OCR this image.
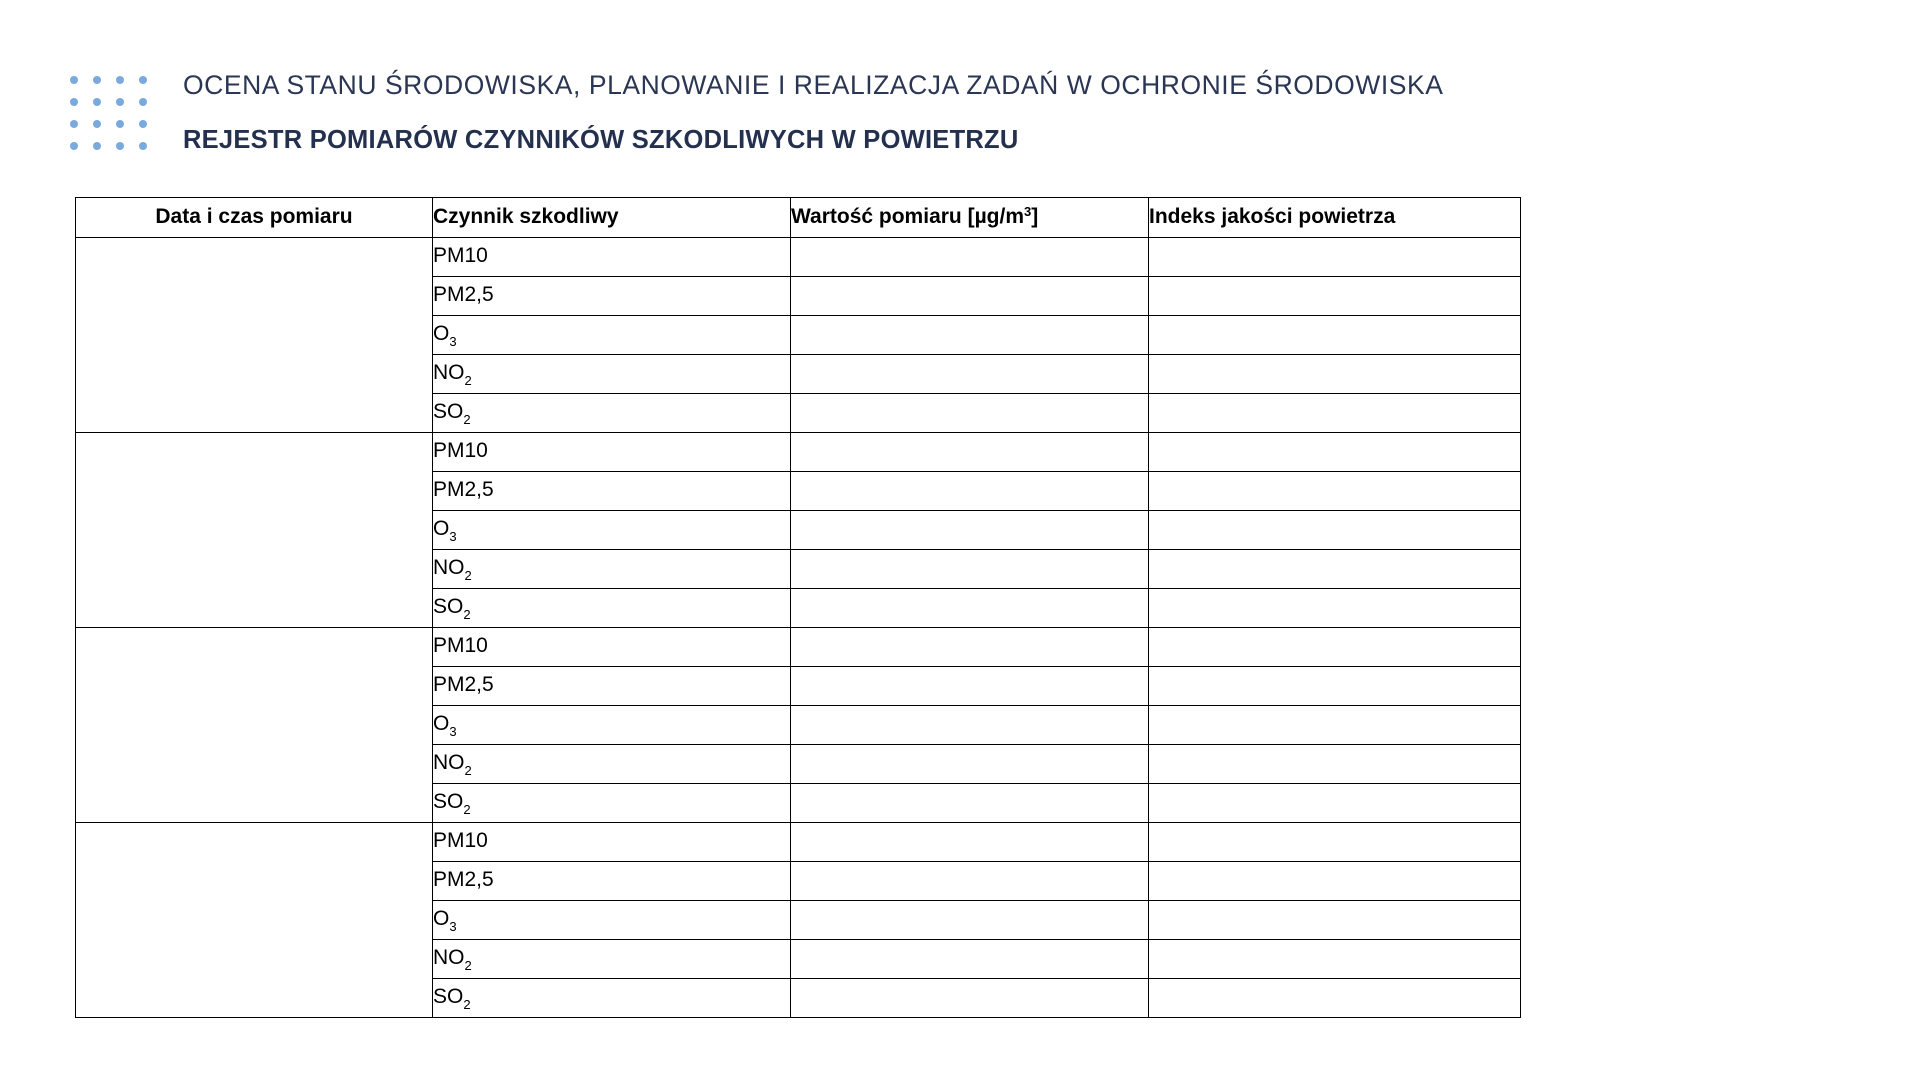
OCENA STANU ŚRODOWISKA, PLANOWANIE I REALIZACJA ZADAŃ W OCHRONIE ŚRODOWISKA
REJESTR POMIARÓW CZYNNIKÓW SZKODLIWYCH W POWIETRZU
Data i czas pomiaru	Czynnik szkodliwy	Wartość pomiaru $[\mu g/m^3]$	Indeks jakości powietrza
	PM10		
	PM2,5		
	$O_3$		
	$NO_2$		
	$SO_2$		
	PM10		
	PM2,5		
	$O_3$		
	$NO_2$		
	$SO_2$		
	PM10		
	PM2,5		
	$O_3$		
	$NO_2$		
	$SO_2$		
	PM10		
	PM2,5		
	$O_3$		
	$NO_2$		
	$SO_2$		
